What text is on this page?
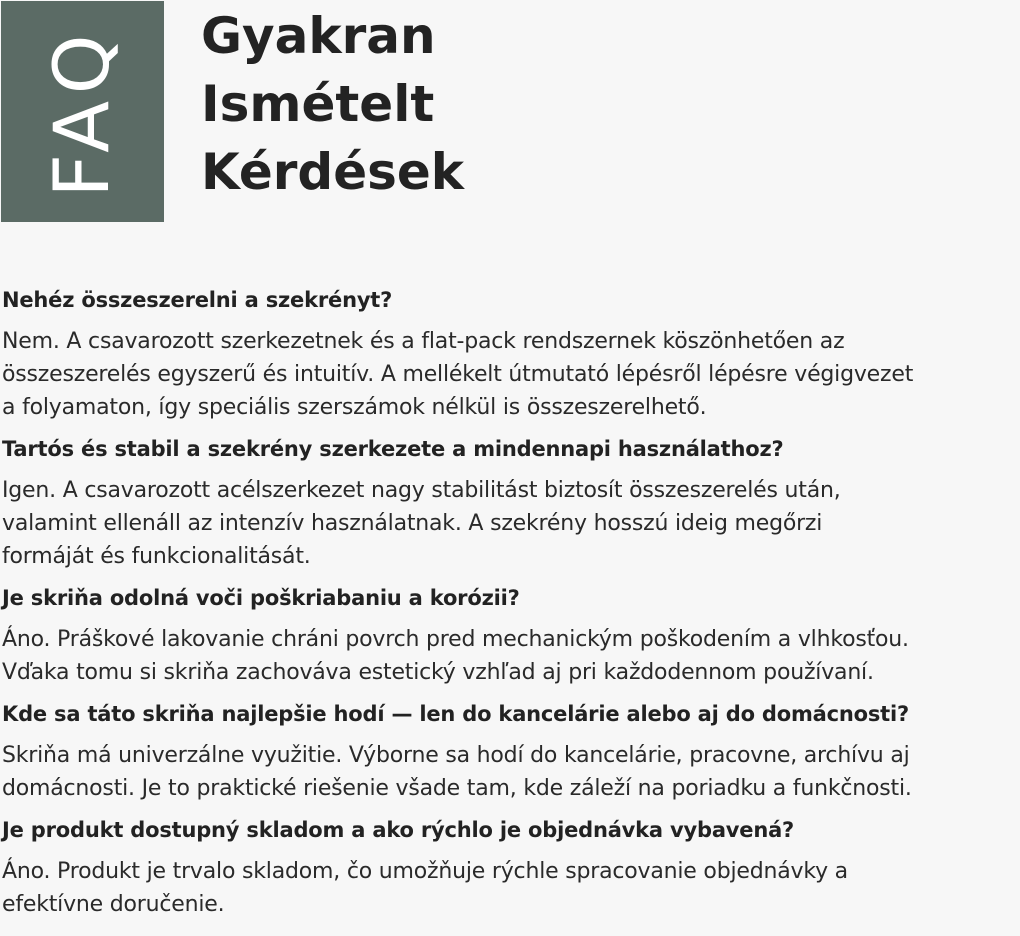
FAQ Gyakran
Ismételt
Kérdések

Nehéz összeszerelni a szekrényt?

Nem. A csavarozott szerkezetnek és a flat-pack rendszernek köszönhetően az
összeszerelés egyszerű és intuitív. A mellékelt útmutató lépésről lépésre végigvezet
a folyamaton, így speciális szerszámok nélkül is összeszerelhető.

Tartós és stabil a szekrény szerkezete a mindennapi használathoz?

Igen. A csavarozott acélszerkezet nagy stabilitást biztosít összeszerelés után,
valamint ellenáll az intenzív használatnak. A szekrény hosszú ideig megőrzi
formáját és funkcionalitását.

Je skriňa odolná voči poškriabaniu a korózii?

Áno. Práškové lakovanie chráni povrch pred mechanickým poškodením a vlhkosťou.
Vďaka tomu si skriňa zachováva estetický vzhľad aj pri každodennom používaní.

Kde sa táto skriňa najlepšie hodí — len do kancelárie alebo aj do domácnosti?

Skriňa má univerzálne využitie. Výborne sa hodí do kancelárie, pracovne, archívu aj
domácnosti. Je to praktické riešenie všade tam, kde záleží na poriadku a funkčnosti.

Je produkt dostupný skladom a ako rýchlo je objednávka vybavená?

Áno. Produkt je trvalo skladom, čo umožňuje rýchle spracovanie objednávky a
efektívne doručenie.
